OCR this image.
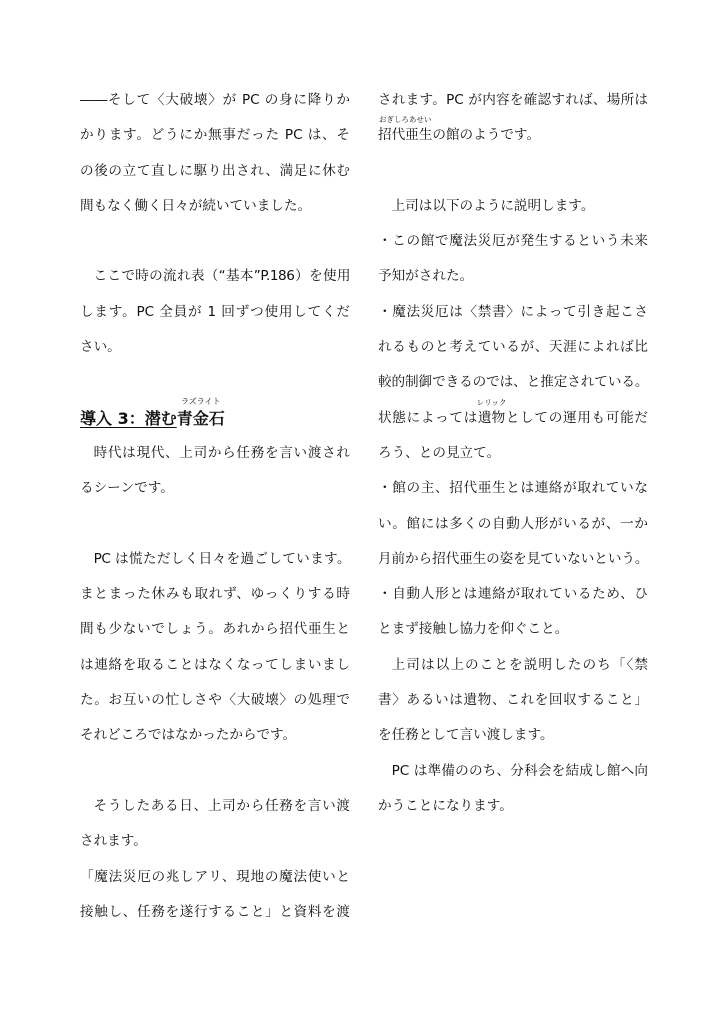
――そして〈大破壊〉が PC の身に降りか
かります。どうにか無事だった PC は、そ
の後の立て直しに駆り出され、満足に休む
間もなく働く日々が続いていました。
ここで時の流れ表（“基本”P.186）を使用
します。PC 全員が 1 回ずつ使用してくだ
さい。
導入 3：潜む青金石
ラズライト
時代は現代、上司から任務を言い渡され
るシーンです。
PC は慌ただしく日々を過ごしています。
まとまった休みも取れず、ゆっくりする時
間も少ないでしょう。あれから招代亜生と
は連絡を取ることはなくなってしまいまし
た。お互いの忙しさや〈大破壊〉の処理で
それどころではなかったからです。
そうしたある日、上司から任務を言い渡
されます。
「魔法災厄の兆しアリ、現地の魔法使いと
接触し、任務を遂行すること」と資料を渡
されます。PC が内容を確認すれば、場所は
招代亜生
おぎしろあせい
の館のようです。
上司は以下のように説明します。
・この館で魔法災厄が発生するという未来
予知がされた。
・魔法災厄は〈禁書〉によって引き起こさ
れるものと考えているが、天涯によれば比
較的制御できるのでは、と推定されている。
状態によっては遺物
レリック
としての運用も可能だ
ろう、との見立て。
・館の主、招代亜生とは連絡が取れていな
い。館には多くの自動人形がいるが、一か
月前から招代亜生の姿を見ていないという。
・自動人形とは連絡が取れているため、ひ
とまず接触し協力を仰ぐこと。
上司は以上のことを説明したのち「〈禁
書〉あるいは遺物、これを回収すること」
を任務として言い渡します。
PC は準備ののち、分科会を結成し館へ向
かうことになります。
